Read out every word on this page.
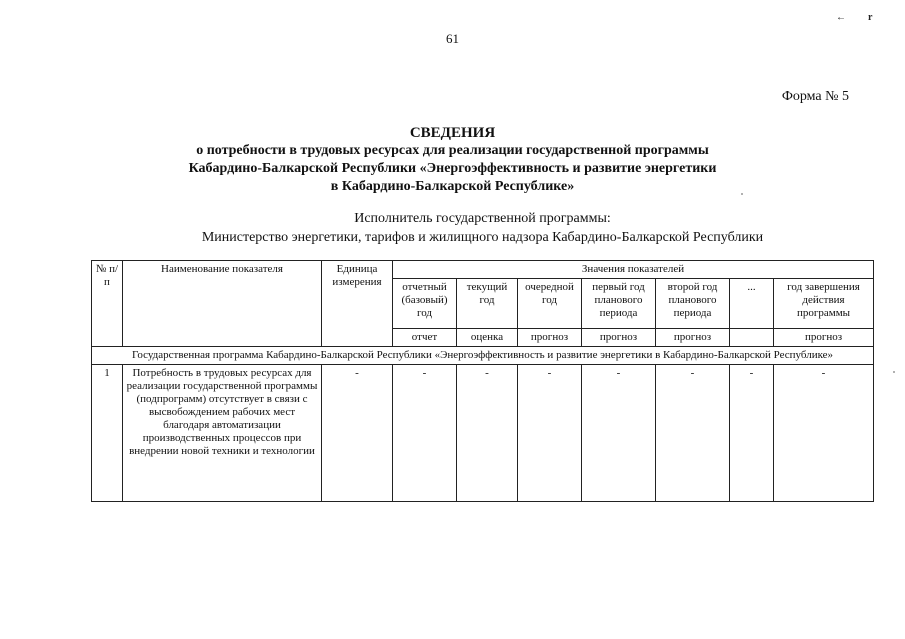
61
←r
Форма № 5
СВЕДЕНИЯ
о потребности в трудовых ресурсах для реализации государственной программы
Кабардино-Балкарской Республики «Энергоэффективность и развитие энергетики
в Кабардино-Балкарской Республике»
Исполнитель государственной программы:
Министерство энергетики, тарифов и жилищного надзора Кабардино-Балкарской Республики
№ п/п	Наименование показателя	Единица измерения	Значения показателей						
			отчетный (базовый) год	текущий год	очередной год	первый год планового периода	второй год планового периода	...	год завершения действия программы
			отчет	оценка	прогноз	прогноз	прогноз		прогноз
Государственная программа Кабардино-Балкарской Республики «Энергоэффективность и развитие энергетики в Кабардино-Балкарской Республике»									
1	Потребность в трудовых ресурсах для реализации государственной программы (подпрограмм) отсутствует в связи с высвобождением рабочих мест благодаря автоматизации производственных процессов при внедрении новой техники и технологии	-	-	-	-	-	-	-	-
